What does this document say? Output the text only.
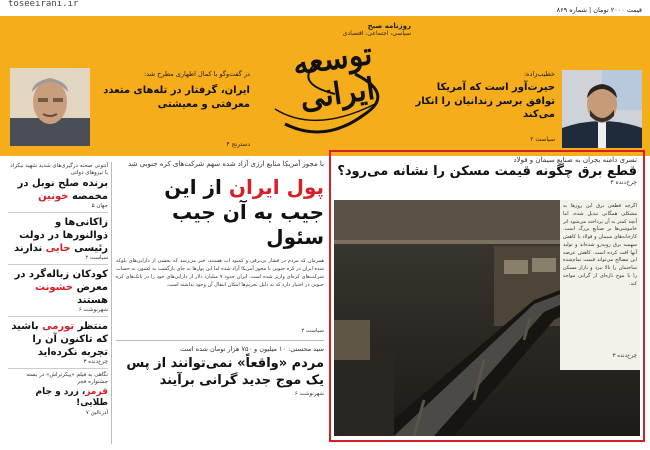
toseeirani.ir
قیمت ۲۰۰۰ تومان | شماره ۸۶۹
روزنامه صبح
سیاسی، اجتماعی، اقتصادی
توسعه ایرانی
در گفت‌وگو با کمال اطهاری مطرح شد:
ایران، گرفتار در تله‌های متعدد معرفتی و معیشتی
دسترنج ۴
خطیب‌زاده:
حیرت‌آور است که آمریکا توافق برسر زندانیان را انکار می‌کند
سیاست ۲
آنتونی صحنه درگیری‌های شدید شهید نیکزاد با نیروهای دولتی
برنده صلح نوبل در مخمصه خونین
جهان ۵
زاکانی‌ها و ذوالنورها در دولت رئیسی جایی ندارند
سیاست ۲
کودکان زباله‌گرد در معرض خشونت هستند
شهرنوشت ۶
منتظر تورمی باشید که تاکنون آن را تجربه نکرده‌اید
چرخ‌دنده ۳
نگاهی به فیلم «پیکرتراش» در بسته جشنواره فجر
قرمز، زرد و جام طلایی!
آدرنالین ۷
با مجوز آمریکا منابع ارزی آزاد شده سهم شرکت‌های کره جنوبی شد
پول ایران از این جیب به آن جیب سئول
همزمان که مردم در فشار بی‌برقی و کمبود آب هستند، خبر می‌رسد که بخشی از دارایی‌های بلوکه شده ایران در کره جنوبی با مجوز آمریکا آزاد شده اما این پول‌ها به جای بازگشت به کشور، به حساب شرکت‌های کره‌ای واریز شده است. ایران حدود ۷ میلیارد دلار از دارایی‌های خود را در بانک‌های کره جنوبی در اختیار دارد که به دلیل تحریم‌ها امکان انتقال آن وجود نداشته است.
سیاست ۲
سید محسنی: ۱۰ میلیون و ۷۵۰ هزار تومان شده است
مردم «واقعاً» نمی‌توانند از پس یک موج جدید گرانی برآیند
شهرنوشت ۶
تسری دامنه بحران به صنایع سیمان و فولاد
قطع برق چگونه قیمت مسکن را نشانه می‌رود؟
چرخ‌دنده ۳
اگرچه قطعی برق این روزها به مشکلی همگانی تبدیل شده، اما آنچه کمتر به آن پرداخته می‌شود اثر خاموشی‌ها بر صنایع بزرگ است. کارخانه‌های سیمان و فولاد با کاهش سهمیه برق روبه‌رو شده‌اند و تولید آنها افت کرده است. کاهش عرضه این مصالح می‌تواند قیمت تمام‌شده ساختمان را بالا ببرد و بازار مسکن را با موج تازه‌ای از گرانی مواجه کند.
چرخ‌دنده ۳
